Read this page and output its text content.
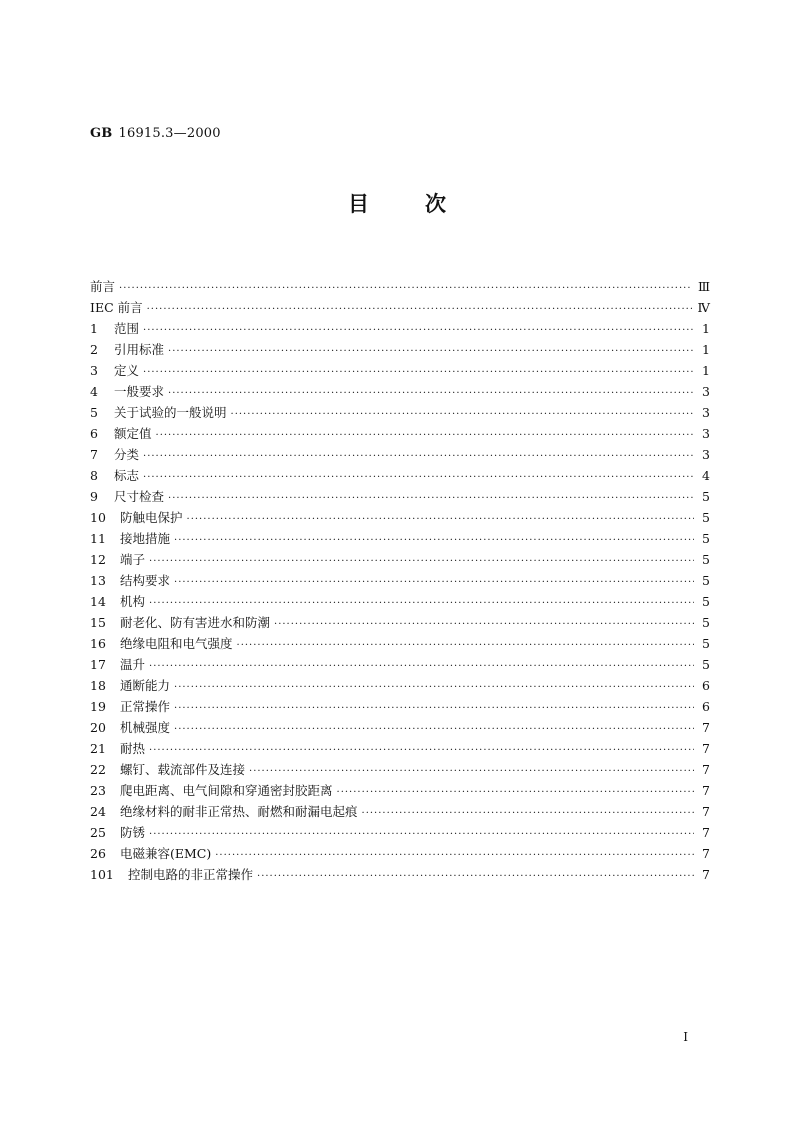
GB 16915.3—2000
目次
前言 ·····	Ⅲ
IEC 前言 ·····	Ⅳ
1	范围 ·····	1
2	引用标准 ·····	1
3	定义 ·····	1
4	一般要求 ·····	3
5	关于试验的一般说明 ·····	3
6	额定值 ·····	3
7	分类 ·····	3
8	标志 ·····	4
9	尺寸检查 ·····	5
10	防触电保护 ·····	5
11	接地措施 ·····	5
12	端子 ·····	5
13	结构要求 ·····	5
14	机构 ·····	5
15	耐老化、防有害进水和防潮 ·····	5
16	绝缘电阻和电气强度 ·····	5
17	温升 ·····	5
18	通断能力 ·····	6
19	正常操作 ·····	6
20	机械强度 ·····	7
21	耐热 ·····	7
22	螺钉、载流部件及连接 ·····	7
23	爬电距离、电气间隙和穿通密封胶距离 ·····	7
24	绝缘材料的耐非正常热、耐燃和耐漏电起痕 ·····	7
25	防锈 ·····	7
26	电磁兼容(EMC) ·····	7
101	控制电路的非正常操作 ·····	7
I
